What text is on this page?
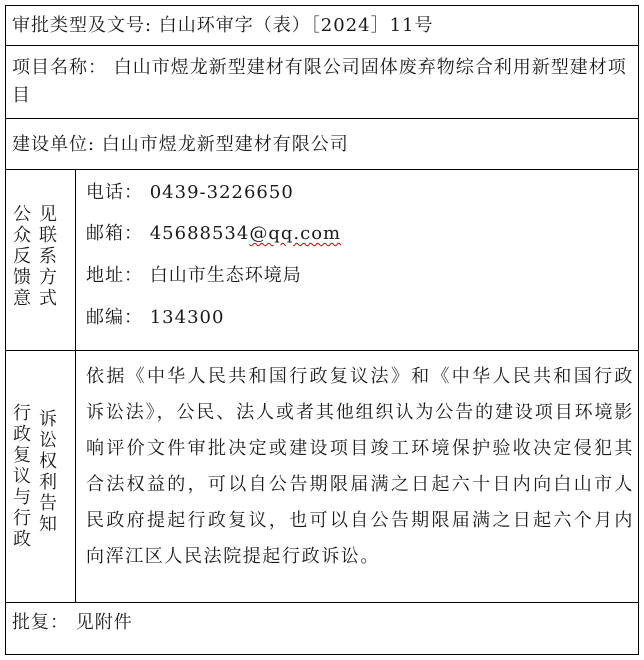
审批类型及文号: 白山环审字（表）［2024］11号
项目名称： 白山市煜龙新型建材有限公司固体废弃物综合利用新型建材项目
建设单位: 白山市煜龙新型建材有限公司
公众反馈意
见联系方式
电话： 0439-3226650
邮箱： 45688534@qq.com
地址： 白山市生态环境局
邮编： 134300
行政复议与行政
诉讼权利告知
依据《中华人民共和国行政复议法》和《中华人民共和国行政诉讼法》，公民、法人或者其他组织认为公告的建设项目环境影响评价文件审批决定或建设项目竣工环境保护验收决定侵犯其合法权益的，可以自公告期限届满之日起六十日内向白山市人民政府提起行政复议，也可以自公告期限届满之日起六个月内向浑江区人民法院提起行政诉讼。
批复： 见附件
